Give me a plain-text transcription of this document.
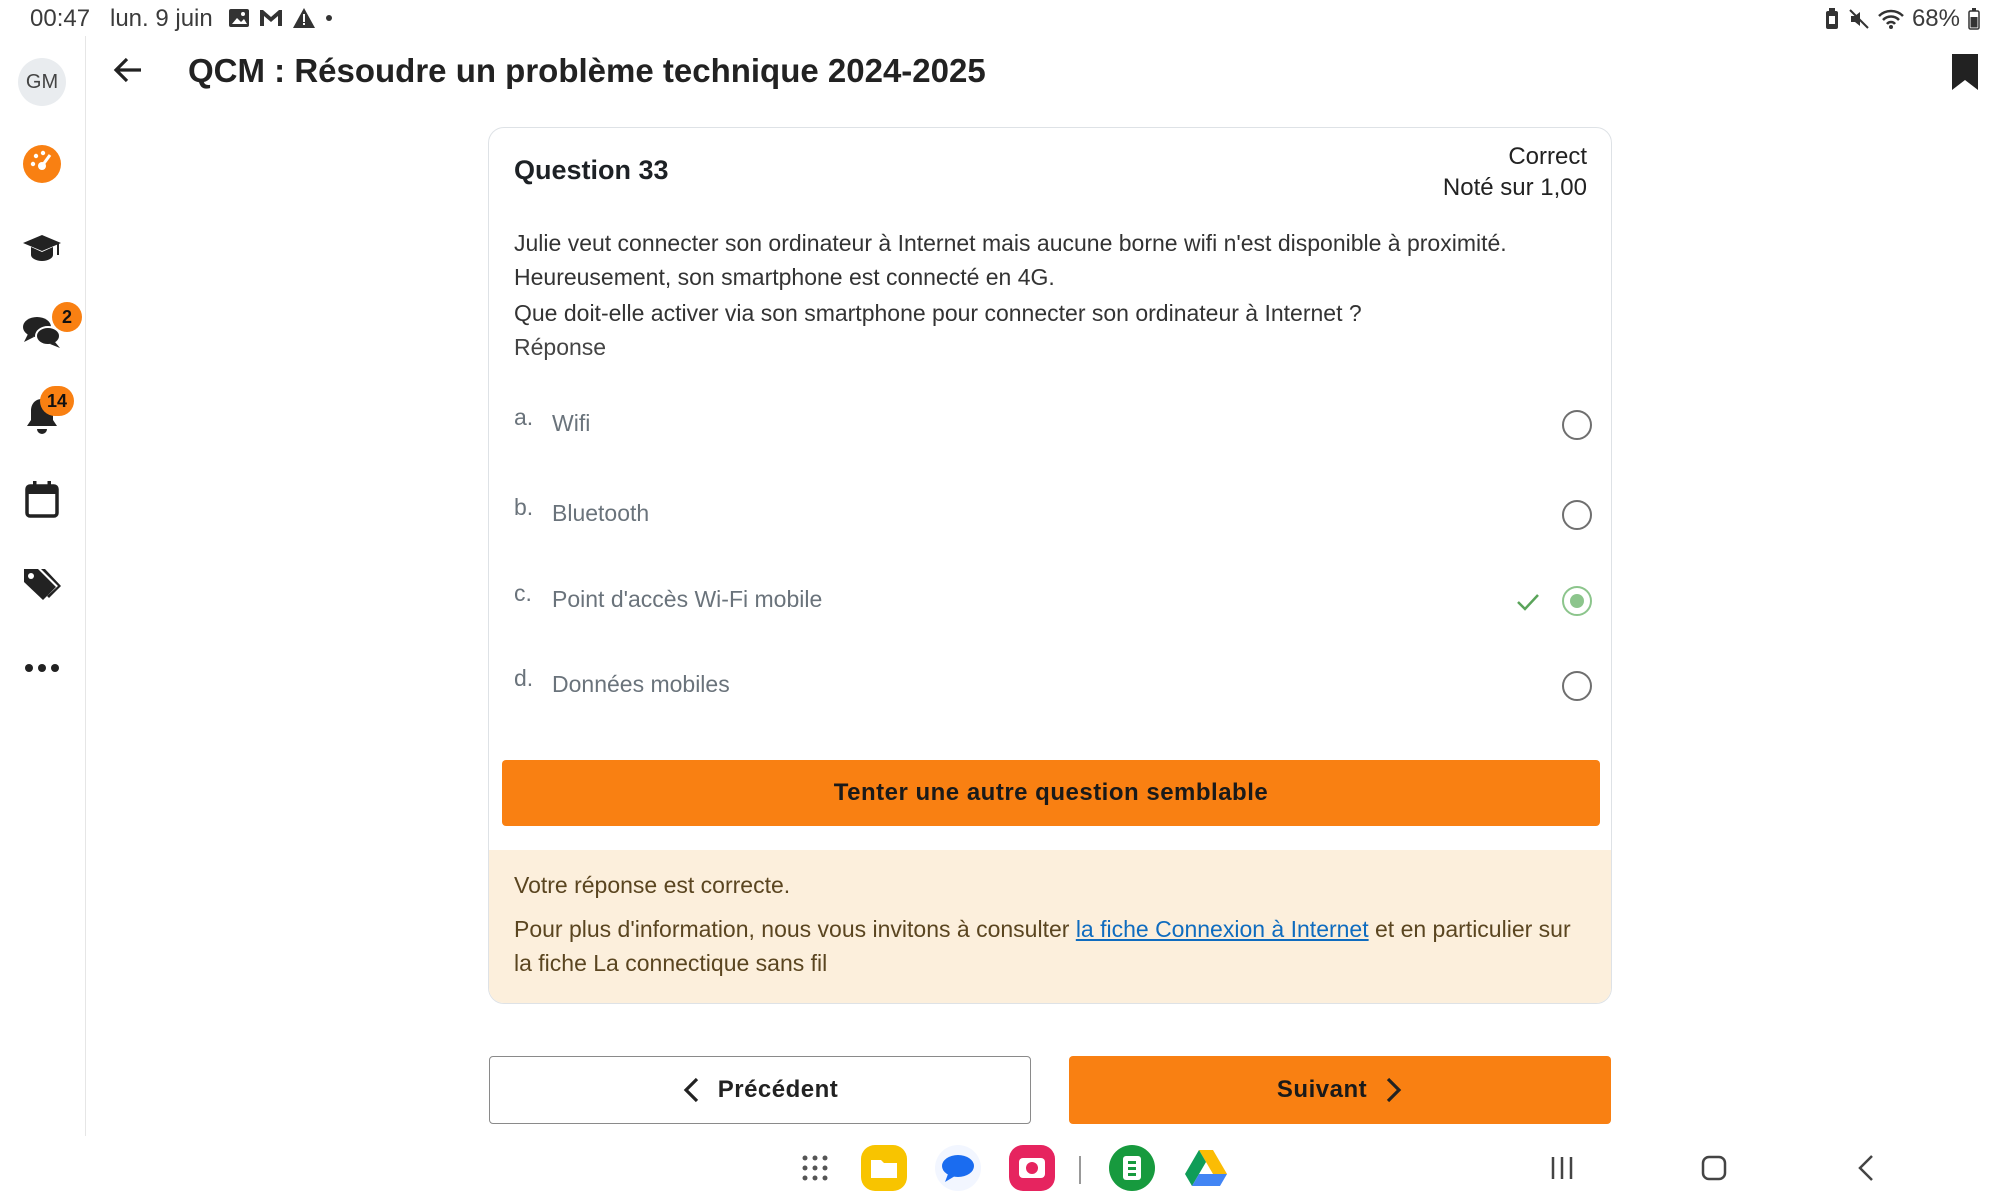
00:47 lun. 9 juin	68%
GM
2
14
QCM : Résoudre un problème technique 2024-2025
Question 33	Correct
Noté sur 1,00

Julie veut connecter son ordinateur à Internet mais aucune borne wifi n'est disponible à proximité.

Heureusement, son smartphone est connecté en 4G.

Que doit-elle activer via son smartphone pour connecter son ordinateur à Internet ?

Réponse
a. Wifi
b. Bluetooth
c. Point d'accès Wi-Fi mobile
d. Données mobiles
Tenter une autre question semblable

Votre réponse est correcte.

Pour plus d'information, nous vous invitons à consulter la fiche Connexion à Internet et en particulier sur la fiche La connectique sans fil

Précédent	Suivant
